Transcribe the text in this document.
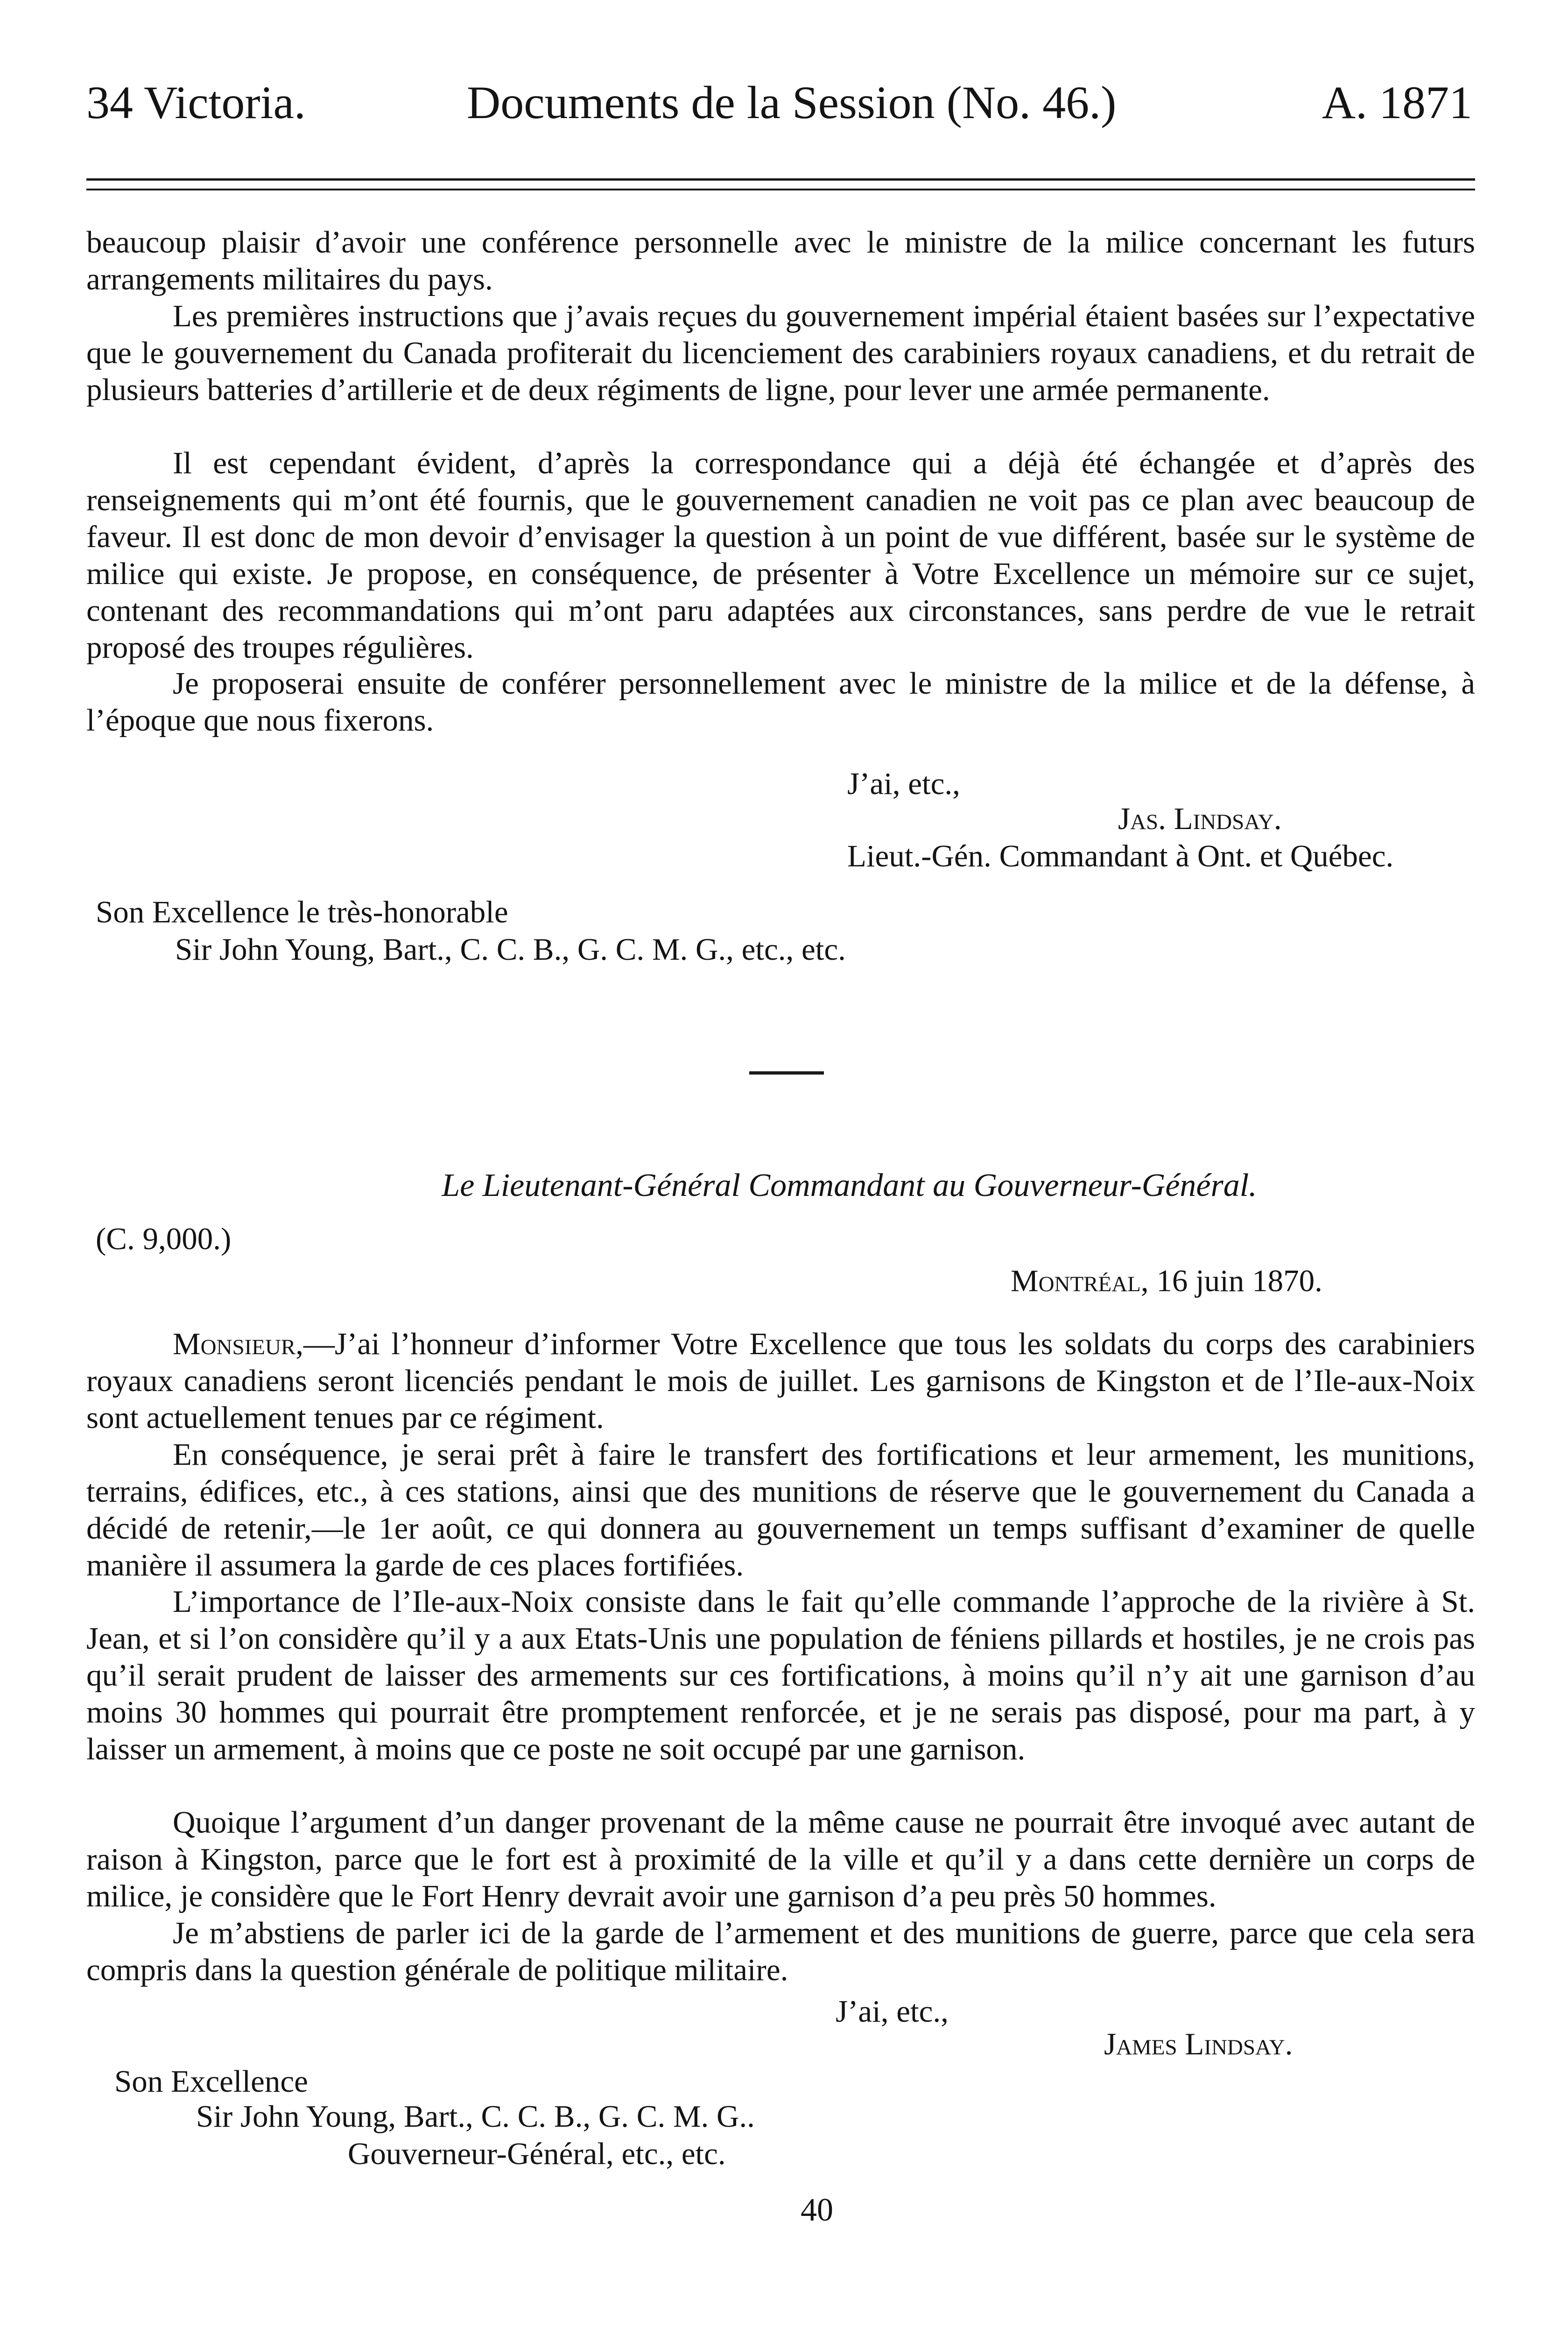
34 Victoria.	Documents de la Session (No. 46.)	A. 1871

beaucoup plaisir d’avoir une conférence personnelle avec le ministre de la milice concernant les futurs arrangements militaires du pays.

Les premières instructions que j’avais reçues du gouvernement impérial étaient basées sur l’expectative que le gouvernement du Canada profiterait du licenciement des carabiniers royaux canadiens, et du retrait de plusieurs batteries d’artillerie et de deux régiments de ligne, pour lever une armée permanente.

Il est cependant évident, d’après la correspondance qui a déjà été échangée et d’après des renseignements qui m’ont été fournis, que le gouvernement canadien ne voit pas ce plan avec beaucoup de faveur. Il est donc de mon devoir d’envisager la question à un point de vue différent, basée sur le système de milice qui existe. Je propose, en conséquence, de présenter à Votre Excellence un mémoire sur ce sujet, contenant des recommandations qui m’ont paru adaptées aux circonstances, sans perdre de vue le retrait proposé des troupes régulières.

Je proposerai ensuite de conférer personnellement avec le ministre de la milice et de la défense, à l’époque que nous fixerons.

J’ai, etc.,
Jas. Lindsay.
Lieut.-Gén. Commandant à Ont. et Québec.
Son Excellence le très-honorable
Sir John Young, Bart., C. C. B., G. C. M. G., etc., etc.
Le Lieutenant-Général Commandant au Gouverneur-Général.
(C. 9,000.)
Montréal, 16 juin 1870.

Monsieur,—J’ai l’honneur d’informer Votre Excellence que tous les soldats du corps des carabiniers royaux canadiens seront licenciés pendant le mois de juillet. Les garnisons de Kingston et de l’Ile-aux-Noix sont actuellement tenues par ce régiment.

En conséquence, je serai prêt à faire le transfert des fortifications et leur armement, les munitions, terrains, édifices, etc., à ces stations, ainsi que des munitions de réserve que le gouvernement du Canada a décidé de retenir,—le 1er août, ce qui donnera au gouvernement un temps suffisant d’examiner de quelle manière il assumera la garde de ces places fortifiées.

L’importance de l’Ile-aux-Noix consiste dans le fait qu’elle commande l’approche de la rivière à St. Jean, et si l’on considère qu’il y a aux Etats-Unis une population de féniens pillards et hostiles, je ne crois pas qu’il serait prudent de laisser des armements sur ces fortifications, à moins qu’il n’y ait une garnison d’au moins 30 hommes qui pourrait être promptement renforcée, et je ne serais pas disposé, pour ma part, à y laisser un armement, à moins que ce poste ne soit occupé par une garnison.

Quoique l’argument d’un danger provenant de la même cause ne pourrait être invoqué avec autant de raison à Kingston, parce que le fort est à proximité de la ville et qu’il y a dans cette dernière un corps de milice, je considère que le Fort Henry devrait avoir une garnison d’a peu près 50 hommes.

Je m’abstiens de parler ici de la garde de l’armement et des munitions de guerre, parce que cela sera compris dans la question générale de politique militaire.

J’ai, etc.,
James Lindsay.
Son Excellence
Sir John Young, Bart., C. C. B., G. C. M. G..
Gouverneur-Général, etc., etc.
40
